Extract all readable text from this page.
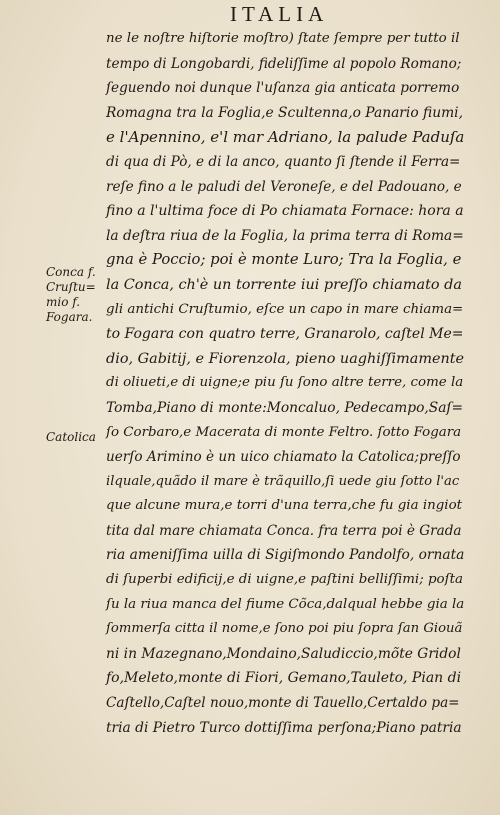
ITALIA
Conca f.
Cruſtu=
mio f.
Fogara.
Catolica
ne le noſtre hiſtorie moſtro) ſtate ſempre per tutto il
tempo di Longobardi, fideliſſime al popolo Romano;
ſeguendo noi dunque l'uſanza gia anticata porremo
Romagna tra la Foglia,e Scultenna,o Panario fiumi,
e l'Apennino, e'l mar Adriano, la palude Paduſa
di qua di Pò, e di la anco, quanto ſi ſtende il Ferra=
reſe fino a le paludi del Veroneſe, e del Padouano, e
fino a l'ultima foce di Po chiamata Fornace: hora a
la deſtra riua de la Foglia, la prima terra di Roma=
gna è Poccio; poi è monte Luro; Tra la Foglia, e
la Conca, ch'è un torrente iui preſſo chiamato da
gli antichi Cruſtumio, eſce un capo in mare chiama=
to Fogara con quatro terre, Granarolo, caſtel Me=
dio, Gabitij, e Fiorenzola, pieno uaghiſſimamente
di oliueti,e di uigne;e piu ſu ſono altre terre, come la
Tomba,Piano di monte:Moncaluo, Pedecampo,Saſ=
ſo Corbaro,e Macerata di monte Feltro. ſotto Fogara
uerſo Arimino è un uico chiamato la Catolica;preſſo
ilquale,quãdo il mare è trãquillo,ſi uede giu ſotto l'ac
que alcune mura,e torri d'una terra,che fu gia ingiot
tita dal mare chiamata Conca. fra terra poi è Grada
ria ameniſſima uilla di Sigiſmondo Pandolfo, ornata
di ſuperbi edificij,e di uigne,e paſtini belliſſimi; poſta
ſu la riua manca del fiume Cõca,dalqual hebbe gia la
ſommerſa citta il nome,e ſono poi piu ſopra ſan Giouã
ni in Mazegnano,Mondaino,Saludiccio,mõte Gridol
fo,Meleto,monte di Fiori, Gemano,Tauleto, Pian di
Caſtello,Caſtel nouo,monte di Tauello,Certaldo pa=
tria di Pietro Turco dottiſſima perſona;Piano patria
